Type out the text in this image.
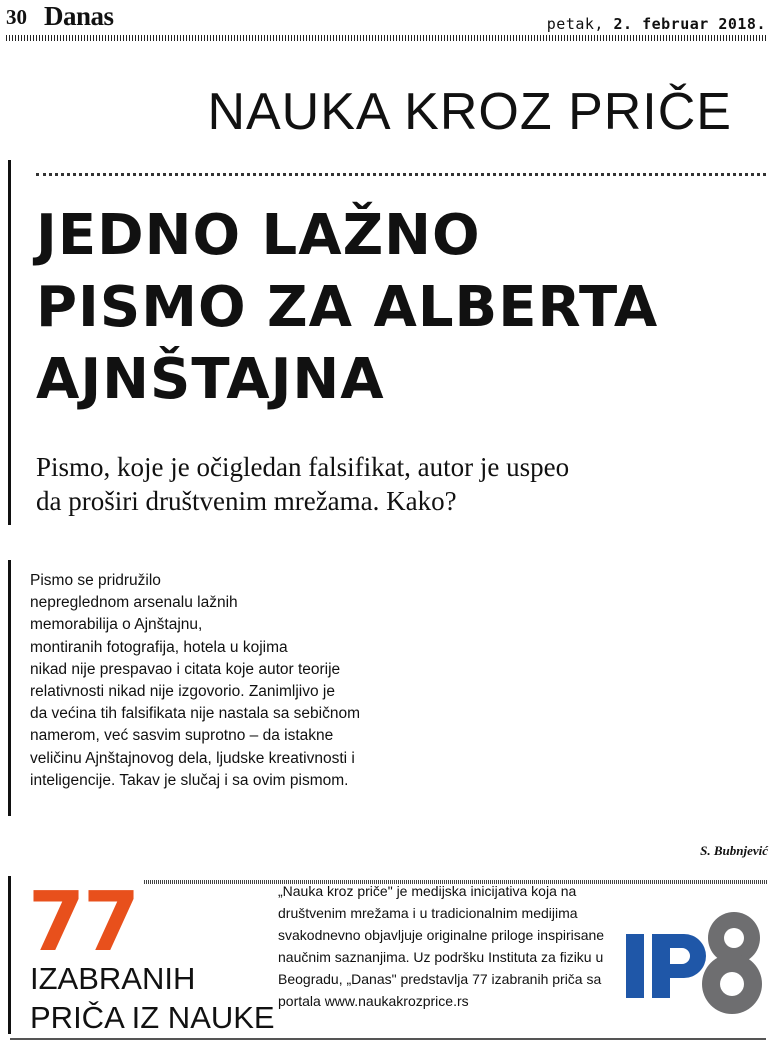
30 Danas	petak, 2. februar 2018.
NAUKA KROZ PRIČE
JEDNO LAŽNO
PISMO ZA ALBERTA
AJNŠTAJNA
Pismo, koje je očigledan falsifikat, autor je uspeo
da proširi društvenim mrežama. Kako?
Pismo se pridružilo
nepreglednom arsenalu lažnih
memorabilija o Ajnštajnu,
montiranih fotografija, hotela u kojima
nikad nije prespavao i citata koje autor teorije
relativnosti nikad nije izgovorio. Zanimljivo je
da većina tih falsifikata nije nastala sa sebičnom
namerom, već sasvim suprotno – da istakne
veličinu Ajnštajnovog dela, ljudske kreativnosti i
inteligencije. Takav je slučaj i sa ovim pismom.
S. Bubnjević
77
IZABRANIH
PRIČA IZ NAUKE
„Nauka kroz priče" je medijska inicijativa koja na
društvenim mrežama i u tradicionalnim medijima
svakodnevno objavljuje originalne priloge inspirisane
naučnim saznanjima. Uz podršku Instituta za fiziku u
Beogradu, „Danas" predstavlja 77 izabranih priča sa
portala www.naukakrozprice.rs
